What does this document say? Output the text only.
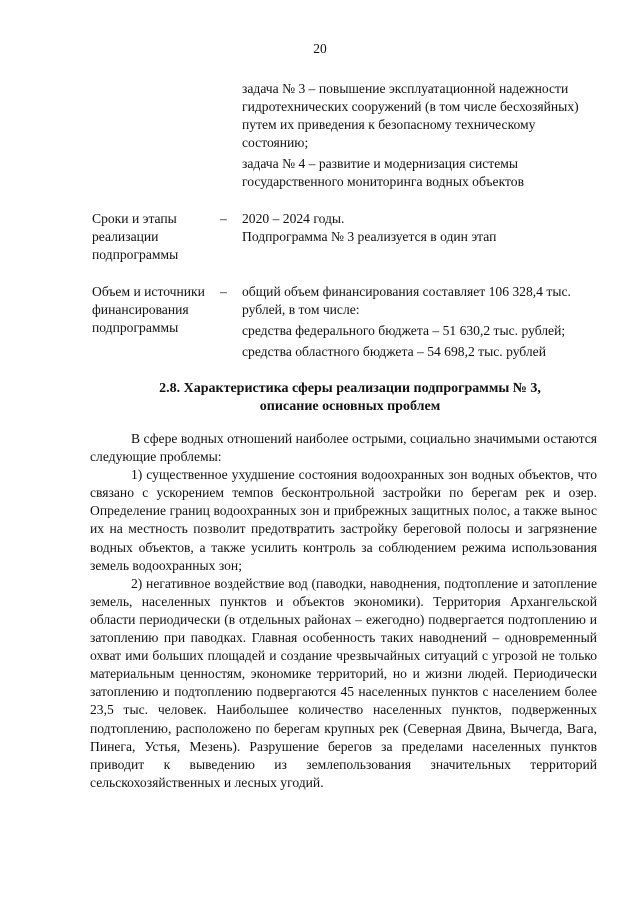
20

задача № 3 – повышение эксплуатационной надежности гидротехнических сооружений (в том числе бесхозяйных) путем их приведения к безопасному техническому состоянию;

задача № 4 – развитие и модернизация системы государственного мониторинга водных объектов

Сроки и этапы реализации подпрограммы
– 2020 – 2024 годы.

Подпрограмма № 3 реализуется в один этап

Объем и источники финансирования подпрограммы
– общий объем финансирования составляет 106 328,4 тыс. рублей, в том числе:

средства федерального бюджета – 51 630,2 тыс. рублей;

средства областного бюджета – 54 698,2 тыс. рублей

2.8. Характеристика сферы реализации подпрограммы № 3, описание основных проблем

В сфере водных отношений наиболее острыми, социально значимыми остаются следующие проблемы:

1) существенное ухудшение состояния водоохранных зон водных объектов, что связано с ускорением темпов бесконтрольной застройки по берегам рек и озер. Определение границ водоохранных зон и прибрежных защитных полос, а также вынос их на местность позволит предотвратить застройку береговой полосы и загрязнение водных объектов, а также усилить контроль за соблюдением режима использования земель водоохранных зон;

2) негативное воздействие вод (паводки, наводнения, подтопление и затопление земель, населенных пунктов и объектов экономики). Территория Архангельской области периодически (в отдельных районах – ежегодно) подвергается подтоплению и затоплению при паводках. Главная особенность таких наводнений – одновременный охват ими больших площадей и создание чрезвычайных ситуаций с угрозой не только материальным ценностям, экономике территорий, но и жизни людей. Периодически затоплению и подтоплению подвергаются 45 населенных пунктов с населением более 23,5 тыс. человек. Наибольшее количество населенных пунктов, подверженных подтоплению, расположено по берегам крупных рек (Северная Двина, Вычегда, Вага, Пинега, Устья, Мезень). Разрушение берегов за пределами населенных пунктов приводит к выведению из землепользования значительных территорий сельскохозяйственных и лесных угодий.
